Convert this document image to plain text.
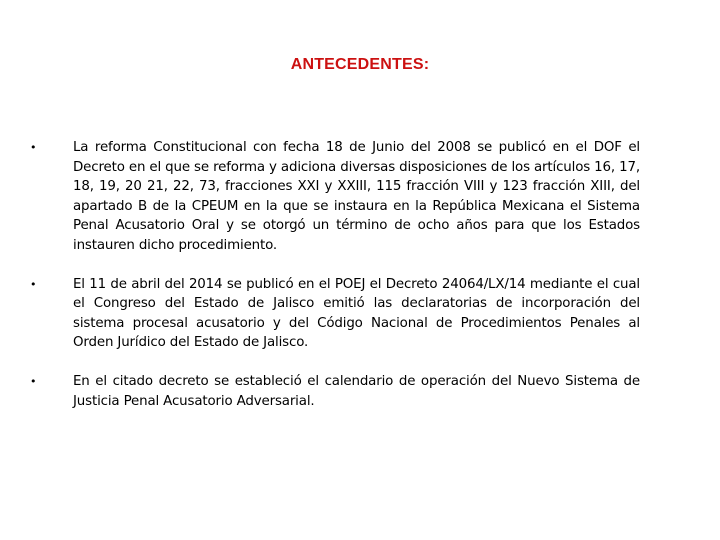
ANTECEDENTES:
•	La reforma Constitucional con fecha 18 de Junio del 2008 se publicó en el DOF el Decreto en el que se reforma y adiciona diversas disposiciones de los artículos 16, 17, 18, 19, 20 21, 22, 73, fracciones XXI y XXIII, 115 fracción VIII y 123 fracción XIII, del apartado B de la CPEUM en la que se instaura en la República Mexicana el Sistema Penal Acusatorio Oral y se otorgó un término de ocho años para que los Estados instauren dicho procedimiento.
•	El 11 de abril del 2014 se publicó en el POEJ el Decreto 24064/LX/14 mediante el cual el Congreso del Estado de Jalisco emitió las declaratorias de incorporación del sistema procesal acusatorio y del Código Nacional de Procedimientos Penales al Orden Jurídico del Estado de Jalisco.
•	En el citado decreto se estableció el calendario de operación del Nuevo Sistema de Justicia Penal Acusatorio Adversarial.
